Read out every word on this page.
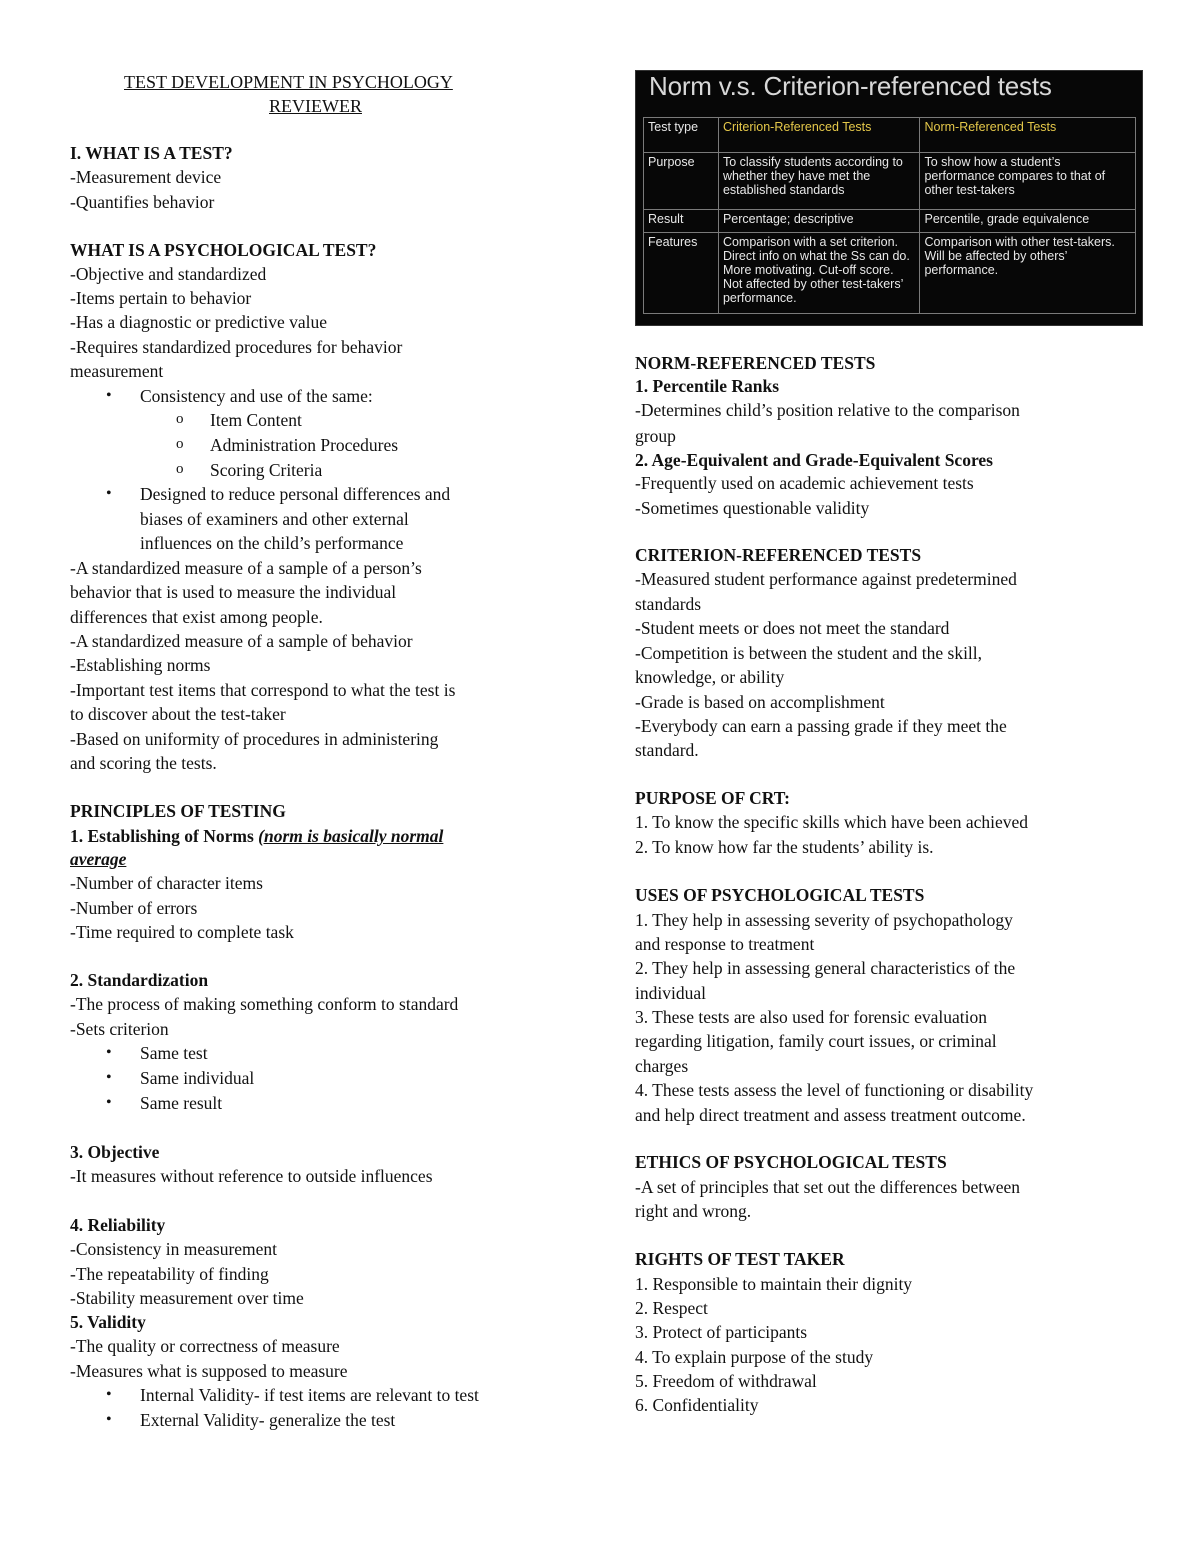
TEST DEVELOPMENT IN PSYCHOLOGY
REVIEWER
I. WHAT IS A TEST?
-Measurement device
-Quantifies behavior
WHAT IS A PSYCHOLOGICAL TEST?
-Objective and standardized
-Items pertain to behavior
-Has a diagnostic or predictive value
-Requires standardized procedures for behavior
measurement
• Consistency and use of the same:
o Item Content
o Administration Procedures
o Scoring Criteria
• Designed to reduce personal differences and
biases of examiners and other external
influences on the child’s performance
-A standardized measure of a sample of a person’s
behavior that is used to measure the individual
differences that exist among people.
-A standardized measure of a sample of behavior
-Establishing norms
-Important test items that correspond to what the test is
to discover about the test-taker
-Based on uniformity of procedures in administering
and scoring the tests.
PRINCIPLES OF TESTING
1. Establishing of Norms (norm is basically normal
average
-Number of character items
-Number of errors
-Time required to complete task
2. Standardization
-The process of making something conform to standard
-Sets criterion
• Same test
• Same individual
• Same result
3. Objective
-It measures without reference to outside influences
4. Reliability
-Consistency in measurement
-The repeatability of finding
-Stability measurement over time
5. Validity
-The quality or correctness of measure
-Measures what is supposed to measure
• Internal Validity- if test items are relevant to test
• External Validity- generalize the test
Norm v.s. Criterion-referenced tests
Test type	Criterion-Referenced Tests	Norm-Referenced Tests
Purpose	To classify students according to whether they have met the established standards	To show how a student’s performance compares to that of other test-takers
Result	Percentage; descriptive	Percentile, grade equivalence
Features	Comparison with a set criterion. Direct info on what the Ss can do. More motivating. Cut-off score. Not affected by other test-takers’ performance.	Comparison with other test-takers. Will be affected by others’ performance.
NORM-REFERENCED TESTS
1. Percentile Ranks
-Determines child’s position relative to the comparison
group
2. Age-Equivalent and Grade-Equivalent Scores
-Frequently used on academic achievement tests
-Sometimes questionable validity
CRITERION-REFERENCED TESTS
-Measured student performance against predetermined
standards
-Student meets or does not meet the standard
-Competition is between the student and the skill,
knowledge, or ability
-Grade is based on accomplishment
-Everybody can earn a passing grade if they meet the
standard.
PURPOSE OF CRT:
1. To know the specific skills which have been achieved
2. To know how far the students’ ability is.
USES OF PSYCHOLOGICAL TESTS
1. They help in assessing severity of psychopathology
and response to treatment
2. They help in assessing general characteristics of the
individual
3. These tests are also used for forensic evaluation
regarding litigation, family court issues, or criminal
charges
4. These tests assess the level of functioning or disability
and help direct treatment and assess treatment outcome.
ETHICS OF PSYCHOLOGICAL TESTS
-A set of principles that set out the differences between
right and wrong.
RIGHTS OF TEST TAKER
1. Responsible to maintain their dignity
2. Respect
3. Protect of participants
4. To explain purpose of the study
5. Freedom of withdrawal
6. Confidentiality
